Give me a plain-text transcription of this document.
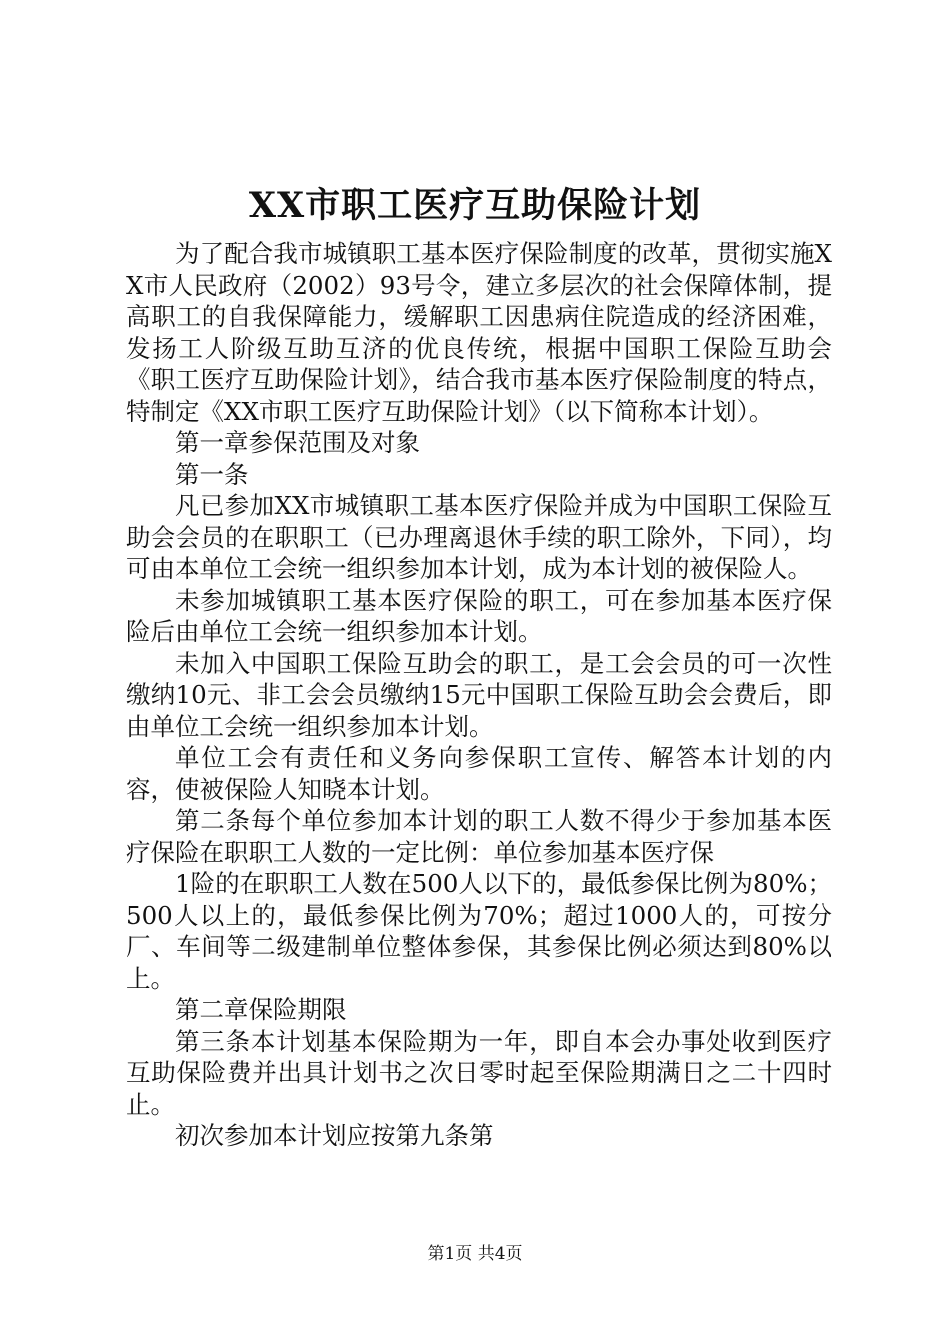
XX市职工医疗互助保险计划

为了配合我市城镇职工基本医疗保险制度的改革，贯彻实施XX市人民政府（2002）93号令，建立多层次的社会保障体制，提高职工的自我保障能力，缓解职工因患病住院造成的经济困难，发扬工人阶级互助互济的优良传统，根据中国职工保险互助会《职工医疗互助保险计划》，结合我市基本医疗保险制度的特点，特制定《XX市职工医疗互助保险计划》（以下简称本计划）。

第一章参保范围及对象

第一条

凡已参加XX市城镇职工基本医疗保险并成为中国职工保险互助会会员的在职职工（已办理离退休手续的职工除外，下同），均可由本单位工会统一组织参加本计划，成为本计划的被保险人。

未参加城镇职工基本医疗保险的职工，可在参加基本医疗保险后由单位工会统一组织参加本计划。

未加入中国职工保险互助会的职工，是工会会员的可一次性缴纳10元、非工会会员缴纳15元中国职工保险互助会会费后，即由单位工会统一组织参加本计划。

单位工会有责任和义务向参保职工宣传、解答本计划的内容，使被保险人知晓本计划。

第二条每个单位参加本计划的职工人数不得少于参加基本医疗保险在职职工人数的一定比例：单位参加基本医疗保

1险的在职职工人数在500人以下的，最低参保比例为80%；500人以上的，最低参保比例为70%；超过1000人的，可按分厂、车间等二级建制单位整体参保，其参保比例必须达到80%以上。

第二章保险期限

第三条本计划基本保险期为一年，即自本会办事处收到医疗互助保险费并出具计划书之次日零时起至保险期满日之二十四时止。

初次参加本计划应按第九条第

第1页 共4页
